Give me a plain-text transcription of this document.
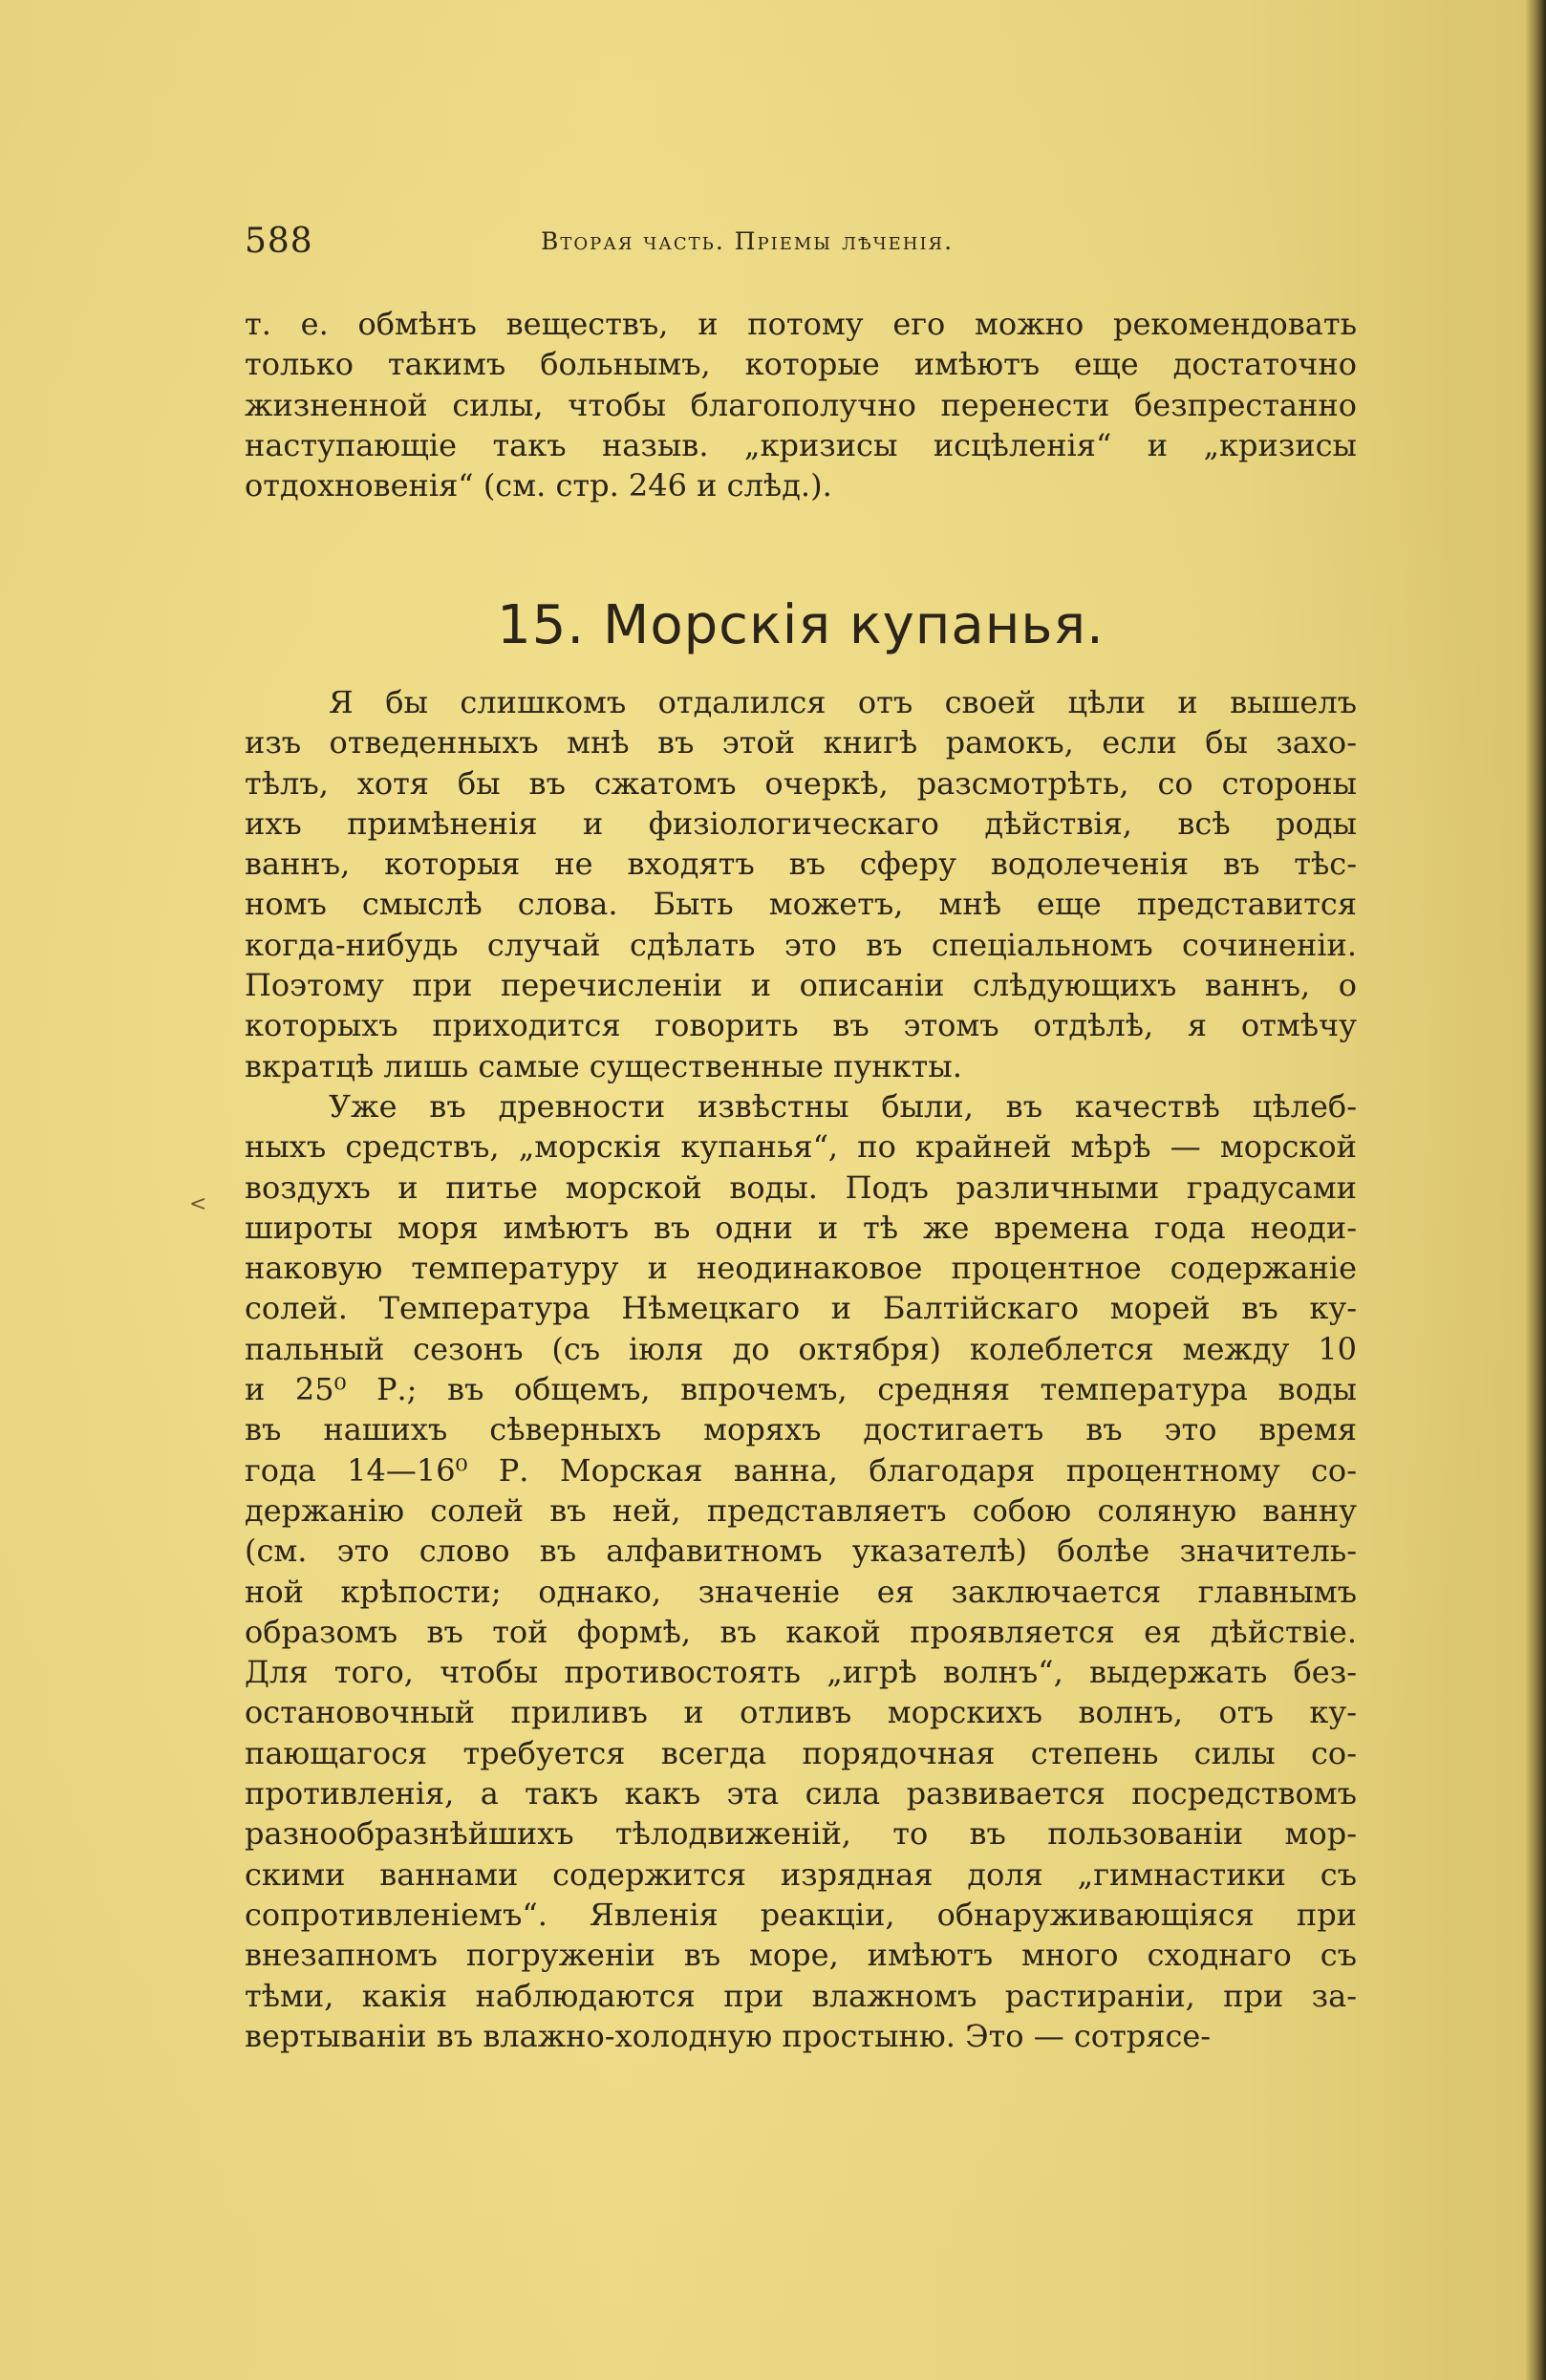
588	Вторая часть. Пріемы лѣченія.
т. е. обмѣнъ веществъ, и потому его можно рекомендовать
только такимъ больнымъ, которые имѣютъ еще достаточно
жизненной силы, чтобы благополучно перенести безпрестанно
наступающіе такъ назыв. „кризисы исцѣленія“ и „кризисы
отдохновенія“ (см. стр. 246 и слѣд.).
15. Морскія купанья.
Я бы слишкомъ отдалился отъ своей цѣли и вышелъ
изъ отведенныхъ мнѣ въ этой книгѣ рамокъ, если бы захо-
тѣлъ, хотя бы въ сжатомъ очеркѣ, разсмотрѣть, со стороны
ихъ примѣненія и физіологическаго дѣйствія, всѣ роды
ваннъ, которыя не входятъ въ сферу водолеченія въ тѣс-
номъ смыслѣ слова. Быть можетъ, мнѣ еще представится
когда-нибудь случай сдѣлать это въ спеціальномъ сочиненіи.
Поэтому при перечисленіи и описаніи слѣдующихъ ваннъ, о
которыхъ приходится говорить въ этомъ отдѣлѣ, я отмѣчу
вкратцѣ лишь самые существенные пункты.
Уже въ древности извѣстны были, въ качествѣ цѣлеб-
ныхъ средствъ, „морскія купанья“, по крайней мѣрѣ — морской
воздухъ и питье морской воды. Подъ различными градусами
широты моря имѣютъ въ одни и тѣ же времена года неоди-
наковую температуру и неодинаковое процентное содержаніе
солей. Температура Нѣмецкаго и Балтійскаго морей въ ку-
пальный сезонъ (съ іюля до октября) колеблется между 10
и 25⁰ Р.; въ общемъ, впрочемъ, средняя температура воды
въ нашихъ сѣверныхъ моряхъ достигаетъ въ это время
года 14—16⁰ Р. Морская ванна, благодаря процентному со-
держанію солей въ ней, представляетъ собою соляную ванну
(см. это слово въ алфавитномъ указателѣ) болѣе значитель-
ной крѣпости; однако, значеніе ея заключается главнымъ
образомъ въ той формѣ, въ какой проявляется ея дѣйствіе.
Для того, чтобы противостоять „игрѣ волнъ“, выдержать без-
остановочный приливъ и отливъ морскихъ волнъ, отъ ку-
пающагося требуется всегда порядочная степень силы со-
противленія, а такъ какъ эта сила развивается посредствомъ
разнообразнѣйшихъ тѣлодвиженій, то въ пользованіи мор-
скими ваннами содержится изрядная доля „гимнастики съ
сопротивленіемъ“. Явленія реакціи, обнаруживающіяся при
внезапномъ погруженіи въ море, имѣютъ много сходнаго съ
тѣми, какія наблюдаются при влажномъ растираніи, при за-
вертываніи въ влажно-холодную простыню. Это — сотрясе-
<
